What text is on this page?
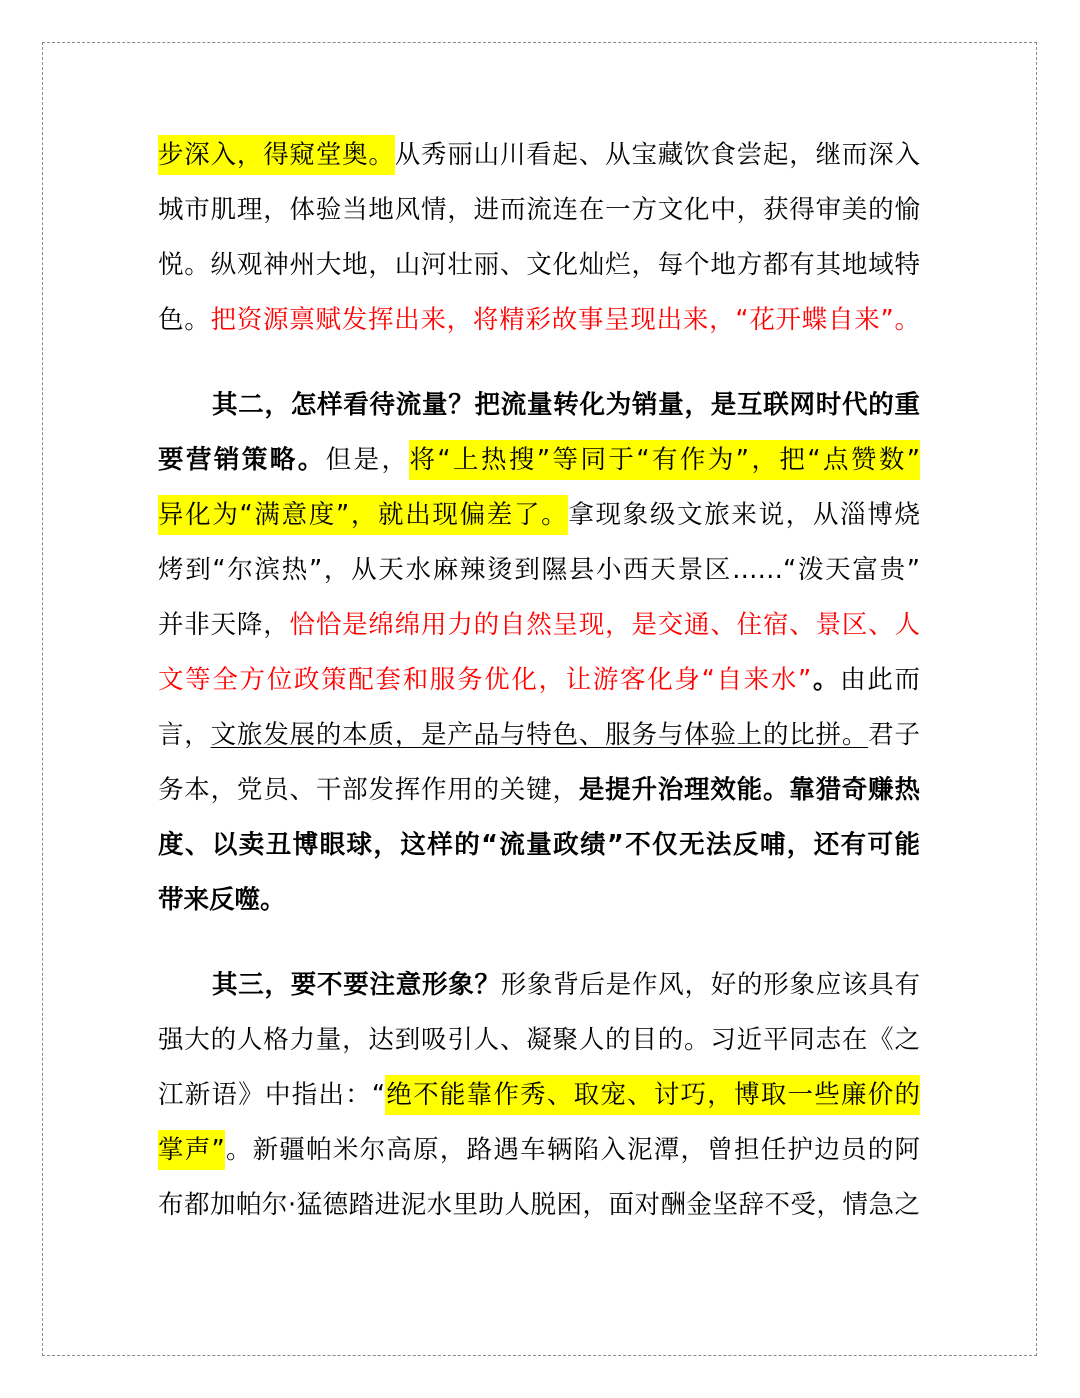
步深入，得窥堂奥。从秀丽山川看起、从宝藏饮食尝起，继而深入
城市肌理，体验当地风情，进而流连在一方文化中，获得审美的愉
悦。纵观神州大地，山河壮丽、文化灿烂，每个地方都有其地域特
色。把资源禀赋发挥出来，将精彩故事呈现出来，“花开蝶自来”。
其二，怎样看待流量？把流量转化为销量，是互联网时代的重
要营销策略。但是，将“上热搜”等同于“有作为”，把“点赞数”
异化为“满意度”，就出现偏差了。拿现象级文旅来说，从淄博烧
烤到“尔滨热”，从天水麻辣烫到隰县小西天景区……“泼天富贵”
并非天降，恰恰是绵绵用力的自然呈现，是交通、住宿、景区、人
文等全方位政策配套和服务优化，让游客化身“自来水”。由此而
言，文旅发展的本质，是产品与特色、服务与体验上的比拼。君子
务本，党员、干部发挥作用的关键，是提升治理效能。靠猎奇赚热
度、以卖丑博眼球，这样的“流量政绩”不仅无法反哺，还有可能
带来反噬。
其三，要不要注意形象？形象背后是作风，好的形象应该具有
强大的人格力量，达到吸引人、凝聚人的目的。习近平同志在《之
江新语》中指出：“绝不能靠作秀、取宠、讨巧，博取一些廉价的
掌声”。新疆帕米尔高原，路遇车辆陷入泥潭，曾担任护边员的阿
布都加帕尔·猛德踏进泥水里助人脱困，面对酬金坚辞不受，情急之
